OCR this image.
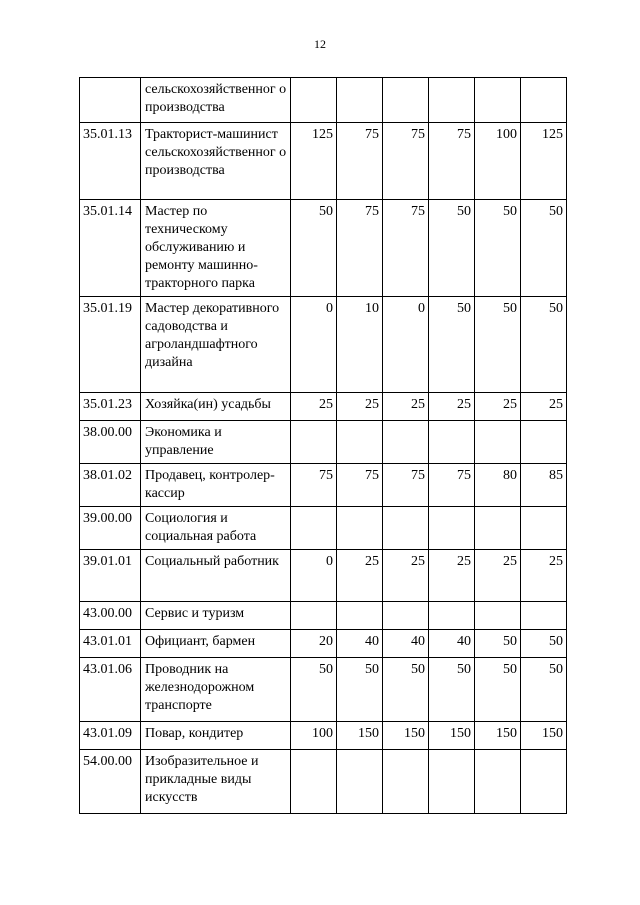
12
	сельскохозяйственног о производства						
35.01.13	Тракторист-машинист сельскохозяйственног о производства	125	75	75	75	100	125
35.01.14	Мастер по техническому обслуживанию и ремонту машинно-тракторного парка	50	75	75	50	50	50
35.01.19	Мастер декоративного садоводства и агроландшафтного дизайна	0	10	0	50	50	50
35.01.23	Хозяйка(ин) усадьбы	25	25	25	25	25	25
38.00.00	Экономика и управление						
38.01.02	Продавец, контролер-кассир	75	75	75	75	80	85
39.00.00	Социология и социальная работа						
39.01.01	Социальный работник	0	25	25	25	25	25
43.00.00	Сервис и туризм						
43.01.01	Официант, бармен	20	40	40	40	50	50
43.01.06	Проводник на железнодорожном транспорте	50	50	50	50	50	50
43.01.09	Повар, кондитер	100	150	150	150	150	150
54.00.00	Изобразительное и прикладные виды искусств						
